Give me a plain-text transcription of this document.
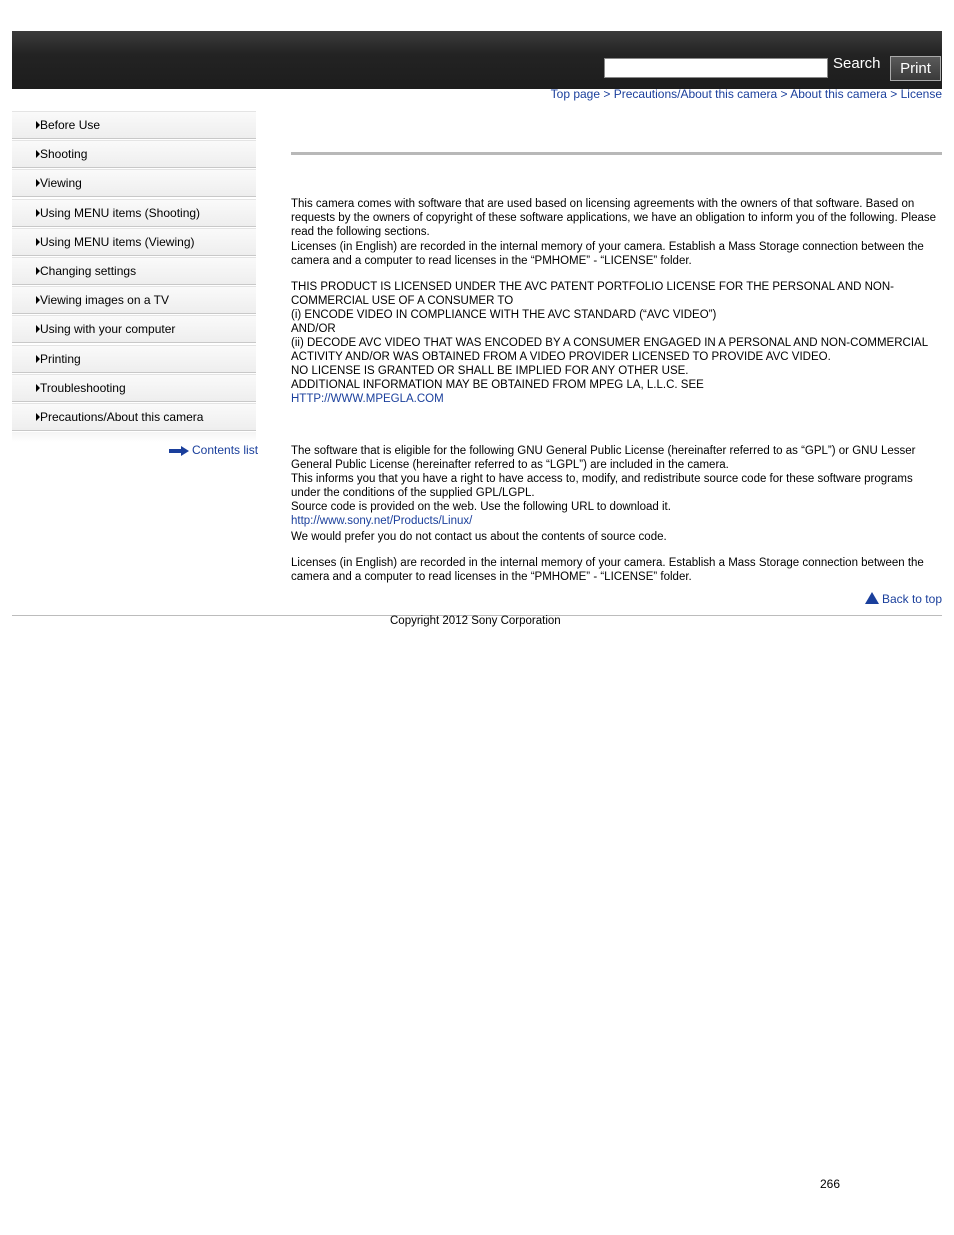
Search	Print
Top page > Precautions/About this camera > About this camera > License
Before Use
Shooting
Viewing
Using MENU items (Shooting)
Using MENU items (Viewing)
Changing settings
Viewing images on a TV
Using with your computer
Printing
Troubleshooting
Precautions/About this camera
Contents list
This camera comes with software that are used based on licensing agreements with the owners of that software. Based on requests by the owners of copyright of these software applications, we have an obligation to inform you of the following. Please read the following sections.
Licenses (in English) are recorded in the internal memory of your camera. Establish a Mass Storage connection between the camera and a computer to read licenses in the “PMHOME” - “LICENSE” folder.
THIS PRODUCT IS LICENSED UNDER THE AVC PATENT PORTFOLIO LICENSE FOR THE PERSONAL AND NON-COMMERCIAL USE OF A CONSUMER TO
(i) ENCODE VIDEO IN COMPLIANCE WITH THE AVC STANDARD (“AVC VIDEO”)
AND/OR
(ii) DECODE AVC VIDEO THAT WAS ENCODED BY A CONSUMER ENGAGED IN A PERSONAL AND NON-COMMERCIAL ACTIVITY AND/OR WAS OBTAINED FROM A VIDEO PROVIDER LICENSED TO PROVIDE AVC VIDEO.
NO LICENSE IS GRANTED OR SHALL BE IMPLIED FOR ANY OTHER USE.
ADDITIONAL INFORMATION MAY BE OBTAINED FROM MPEG LA, L.L.C. SEE
HTTP://WWW.MPEGLA.COM
The software that is eligible for the following GNU General Public License (hereinafter referred to as “GPL”) or GNU Lesser General Public License (hereinafter referred to as “LGPL”) are included in the camera.
This informs you that you have a right to have access to, modify, and redistribute source code for these software programs under the conditions of the supplied GPL/LGPL.
Source code is provided on the web. Use the following URL to download it.
http://www.sony.net/Products/Linux/
We would prefer you do not contact us about the contents of source code.
Licenses (in English) are recorded in the internal memory of your camera. Establish a Mass Storage connection between the camera and a computer to read licenses in the “PMHOME” - “LICENSE” folder.
Back to top
Copyright 2012 Sony Corporation
266
